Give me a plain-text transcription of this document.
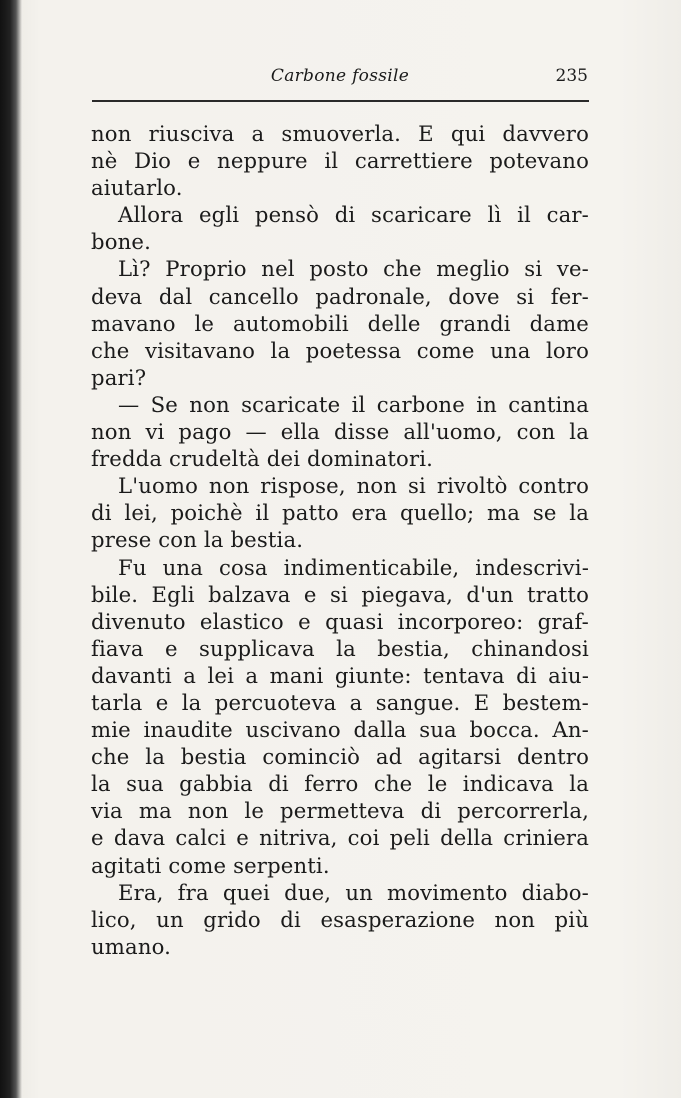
Carbone fossile	235
non riusciva a smuoverla. E qui davvero
nè Dio e neppure il carrettiere potevano
aiutarlo.
Allora egli pensò di scaricare lì il car-
bone.
Lì? Proprio nel posto che meglio si ve-
deva dal cancello padronale, dove si fer-
mavano le automobili delle grandi dame
che visitavano la poetessa come una loro
pari?
— Se non scaricate il carbone in cantina
non vi pago — ella disse all'uomo, con la
fredda crudeltà dei dominatori.
L'uomo non rispose, non si rivoltò contro
di lei, poichè il patto era quello; ma se la
prese con la bestia.
Fu una cosa indimenticabile, indescrivi-
bile. Egli balzava e si piegava, d'un tratto
divenuto elastico e quasi incorporeo: graf-
fiava e supplicava la bestia, chinandosi
davanti a lei a mani giunte: tentava di aiu-
tarla e la percuoteva a sangue. E bestem-
mie inaudite uscivano dalla sua bocca. An-
che la bestia cominciò ad agitarsi dentro
la sua gabbia di ferro che le indicava la
via ma non le permetteva di percorrerla,
e dava calci e nitriva, coi peli della criniera
agitati come serpenti.
Era, fra quei due, un movimento diabo-
lico, un grido di esasperazione non più
umano.
